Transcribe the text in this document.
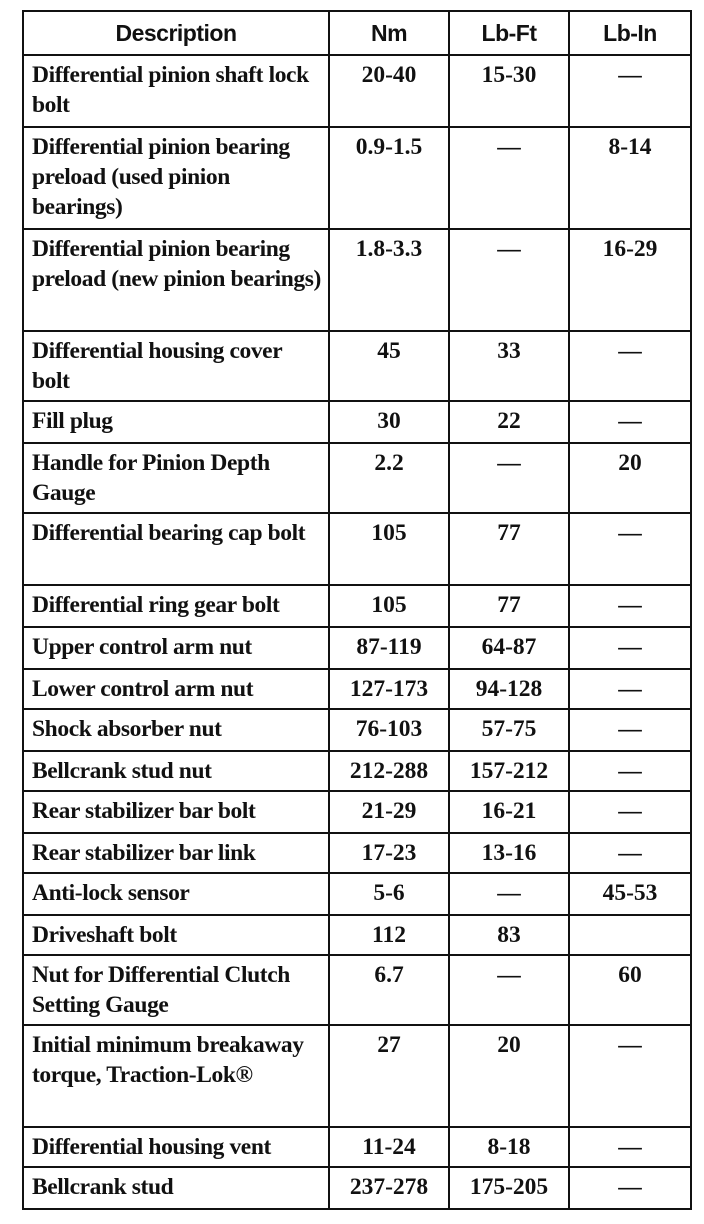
Description	Nm	Lb-Ft	Lb-In
Differential pinion shaft lock bolt	20-40	15-30	—
Differential pinion bearing preload (used pinion bearings)	0.9-1.5	—	8-14
Differential pinion bearing preload (new pinion bearings)	1.8-3.3	—	16-29
Differential housing cover bolt	45	33	—
Fill plug	30	22	—
Handle for Pinion Depth Gauge	2.2	—	20
Differential bearing cap bolt	105	77	—
Differential ring gear bolt	105	77	—
Upper control arm nut	87-119	64-87	—
Lower control arm nut	127-173	94-128	—
Shock absorber nut	76-103	57-75	—
Bellcrank stud nut	212-288	157-212	—
Rear stabilizer bar bolt	21-29	16-21	—
Rear stabilizer bar link	17-23	13-16	—
Anti-lock sensor	5-6	—	45-53
Driveshaft bolt	112	83	
Nut for Differential Clutch Setting Gauge	6.7	—	60
Initial minimum breakaway torque, Traction-Lok®	27	20	—
Differential housing vent	11-24	8-18	—
Bellcrank stud	237-278	175-205	—
